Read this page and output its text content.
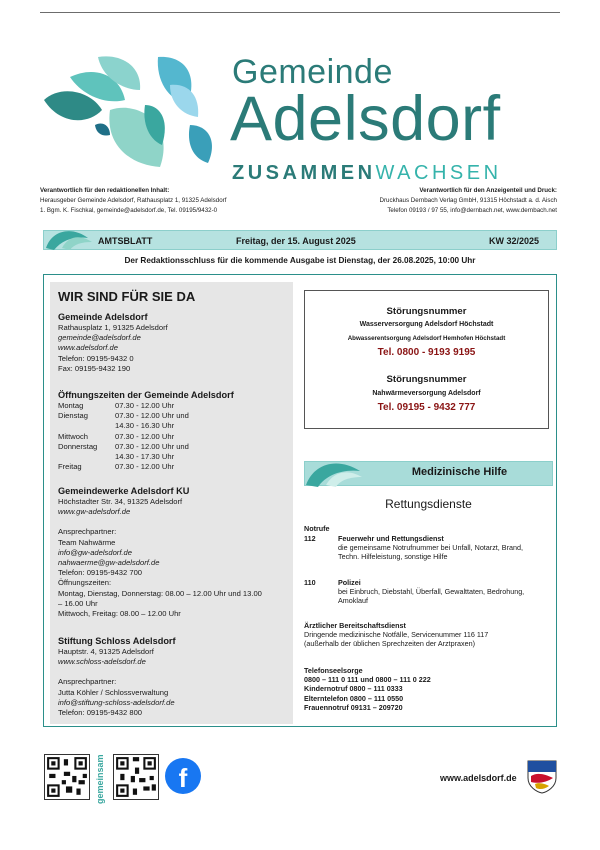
Gemeinde
Adelsdorf
ZUSAMMENWACHSEN
Verantwortlich für den redaktionellen Inhalt:
Herausgeber Gemeinde Adelsdorf, Rathausplatz 1, 91325 Adelsdorf
1. Bgm. K. Fischkal, gemeinde@adelsdorf.de, Tel. 09195/9432-0
Verantwortlich für den Anzeigenteil und Druck:
Druckhaus Dernbach Verlag GmbH, 91315 Höchstadt a. d. Aisch
Telefon 09193 / 97 55, info@dernbach.net, www.dernbach.net
AMTSBLATT	Freitag, der 15. August 2025	KW 32/2025
Der Redaktionsschluss für die kommende Ausgabe ist Dienstag, der 26.08.2025, 10:00 Uhr
WIR SIND FÜR SIE DA
Gemeinde Adelsdorf
Rathausplatz 1, 91325 Adelsdorf
gemeinde@adelsdorf.de
www.adelsdorf.de
Telefon: 09195-9432 0
Fax: 09195-9432 190
Öffnungszeiten der Gemeinde Adelsdorf
Montag	07.30 - 12.00 Uhr
Dienstag	07.30 - 12.00 Uhr und
14.30 - 16.30 Uhr
Mittwoch	07.30 - 12.00 Uhr
Donnerstag 07.30 - 12.00 Uhr und
14.30 - 17.30 Uhr
Freitag	07.30 - 12.00 Uhr
Gemeindewerke Adelsdorf KU
Höchstadter Str. 34, 91325 Adelsdorf
www.gw-adelsdorf.de
Ansprechpartner:
Team Nahwärme
info@gw-adelsdorf.de
nahwaerme@gw-adelsdorf.de
Telefon: 09195-9432 700
Öffnungszeiten:
Montag, Dienstag, Donnerstag: 08.00 – 12.00 Uhr und 13.00
– 16.00 Uhr
Mittwoch, Freitag: 08.00 – 12.00 Uhr
Stiftung Schloss Adelsdorf
Hauptstr. 4, 91325 Adelsdorf
www.schloss-adelsdorf.de
Ansprechpartner:
Jutta Köhler / Schlossverwaltung
info@stiftung-schloss-adelsdorf.de
Telefon: 09195-9432 800
Störungsnummer
Wasserversorgung Adelsdorf Höchstadt
Abwasserentsorgung Adelsdorf Hemhofen Höchstadt
Tel. 0800 - 9193 9195
Störungsnummer
Nahwärmeversorgung Adelsdorf
Tel. 09195 - 9432 777
Medizinische Hilfe
Rettungsdienste
Notrufe
112	Feuerwehr und Rettungsdienst
die gemeinsame Notrufnummer bei Unfall, Notarzt, Brand,
Techn. Hilfeleistung, sonstige Hilfe
110	Polizei
bei Einbruch, Diebstahl, Überfall, Gewalttaten, Bedrohung,
Amoklauf
Ärztlicher Bereitschaftsdienst
Dringende medizinische Notfälle, Servicenummer 116 117
(außerhalb der üblichen Sprechzeiten der Arztpraxen)
Telefonseelsorge
0800 – 111 0 111 und 0800 – 111 0 222
Kindernotruf 0800 – 111 0333
Elterntelefon 0800 – 111 0550
Frauennotruf 09131 – 209720
gemeinsam	f	www.adelsdorf.de
